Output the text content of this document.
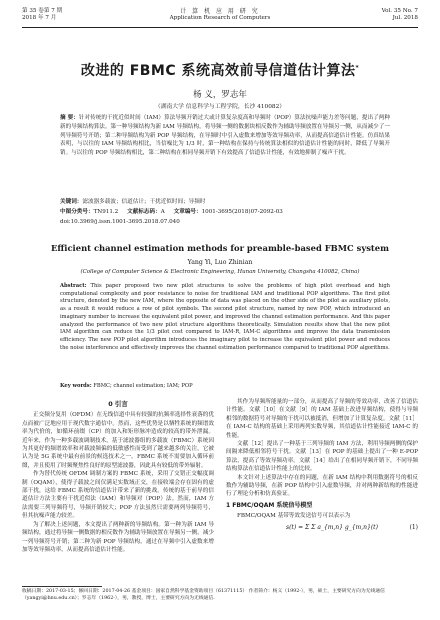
第 35 卷第 7 期
2018 年 7 月
计 算 机 应 用 研 究
Application Research of Computers
Vol. 35 No. 7
Jul. 2018
改进的 FBMC 系统高效前导信道估计算法*
杨 义，罗志年
（湖南大学 信息科学与工程学院，长沙 410082）
摘 要：针对传统的干扰近似时间（IAM）算法导频开销过大或计算复杂度高和导频时（POP）算法抗噪声能力差等问题，提出了两种新的导频结构算法。第一种导频结构为新 IAM 导频结构，将导频一侧的数据块相反数作为辅助导频放置在导频另一侧，从而减少了一列导频符号开销；第二种导频结构为新 POP 导频结构，在导频时中引入虚数来增加等效导频功率，从而提高信道估计性能。仿真结果表明，与以往的 IAM 导频结构相比，当信噪比为 1/3 时，第一种结构在保持与传统算法相似的信道估计性能的同时，降低了导频开销。与以往的 POP 导频结构相比，第二种结构在相同导频开销下有效提高了信道估计性能，有效地抑制了噪声干扰。
关键词：滤波器多载波；信道估计；干扰近似时间；导频时
中图分类号：TN911.2 文献标志码：A 文章编号：1001-3695(2018)07-2092-03
doi:10.3969/j.issn.1001-3695.2018.07.040
Efficient channel estimation methods for preamble-based FBMC system
Yang Yi, Luo Zhinian
(College of Computer Science & Electronic Engineering, Hunan University, Changsha 410082, China)
Abstract: This paper proposed two new pilot structures to solve the problems of high pilot overhead and high computational complexity and poor resistance to noise for traditional IAM and traditional POP algorithms. The first pilot structure, denoted by the new IAM, where the opposite of data was placed on the other side of the pilot as auxiliary pilots, as a result it would reduce a row of pilot symbols. The second pilot structure, named by new POP, which introduced an imaginary number to increase the equivalent pilot power, and improved the channel estimation performance. And this paper analyzed the performance of two new pilot structure algorithms theoretically. Simulation results show that the new pilot IAM algorithm can reduce the 1/3 pilot cost compared to IAM-R, IAM-C algorithms and improve the data transmission efficiency. The new POP pilot algorithm introduces the imaginary pilot to increase the equivalent pilot power and reduces the noise interference and effectively improves the channel estimation performance compared to traditional POP algorithms.
Key words: FBMC; channel estimation; IAM; POP
0 引言

正交频分复用（OFDM）在无线信道中具有较强的抗频率选择性衰落的优点而被广泛地应用于现代数字通信中。然而，这些优势是以牺牲系统的频谱效率为代价的，如循环前缀（CP）的加入和矩形脉冲造成的较高的带外泄漏。近年来，作为一种多载波调制技术，基于滤波器组的多载波（FBMC）系统因为其更好的频谱效率和对载波频偏的低敏感性而受到了越来越多的关注，它被认为是 5G 系统中最有前景的候选技术之一。FBMC 系统不需要加入循环前缀，并且使用了时频聚焦性良好的原型滤波器，因此具有较低的带外辐射。

作为替代传统 OFDM 调制方案的 FBMC 系统，采用了交错正交幅度调制（OQAM），使得子载波之间仅满足实数域正交，在接收端会存在固有的虚部干扰，这给 FBMC 系统的信道估计带来了新的挑战。传统的基于前导的信道估计方法主要有干扰近似法（IAM）和导频对（POP）法。然而，IAM 方法需要三列导频符号，导频开销较大；POP 方法虽然只需要两列导频符号，但其抗噪声能力较差。

为了解决上述问题，本文提出了两种新的导频结构。第一种为新 IAM 导频结构，通过将导频一侧数据的相反数作为辅助导频放置在导频另一侧，减少一列导频符号开销；第二种为新 POP 导频结构，通过在导频中引入虚数来增加等效导频功率，从而提高信道估计性能。

其作为导频所能量的一部分，从而提高了导频的等效功率，改善了信道估计性能。文献［10］在文献［9］的 IAM 基础上改进导频结构，使得与导频相邻的数据符号对导频的干扰可以被抵消，但增加了计算复杂度。文献［11］在 IAM-C 结构的基础上采用两列实数导频，其信道估计性能接近 IAM-C 的性能。

文献［12］提出了一种基于三列导频的 IAM 方法，利用导频两侧的保护间隔来降低相邻符号干扰。文献［13］在 POP 的基础上提出了一种 E-POP 算法，提高了等效导频功率。文献［14］给出了在相同导频开销下，不同导频结构算法在信道估计性能上的比较。

本文针对上述算法中存在的问题，在新 IAM 结构中利用数据符号的相反数作为辅助导频，在新 POP 结构中引入虚数导频，并对两种新结构的性能进行了理论分析和仿真验证。

1 FBMC/OQAM 系统信号模型

FBMC/OQAM 基带等效发送信号可以表示为

s(t) = Σ Σ a_{m,n} g_{m,n}(t)	(1)
收稿日期：2017-03-15；修回日期：2017-04-26 基金项目：国家自然科学基金资助项目（61371115） 作者简介：杨义（1992-），男，硕士，主要研究方向为无线通信（yangyi@hnu.edu.cn）；罗志年（1962-），男，教授，博士，主要研究方向为无线通信.
